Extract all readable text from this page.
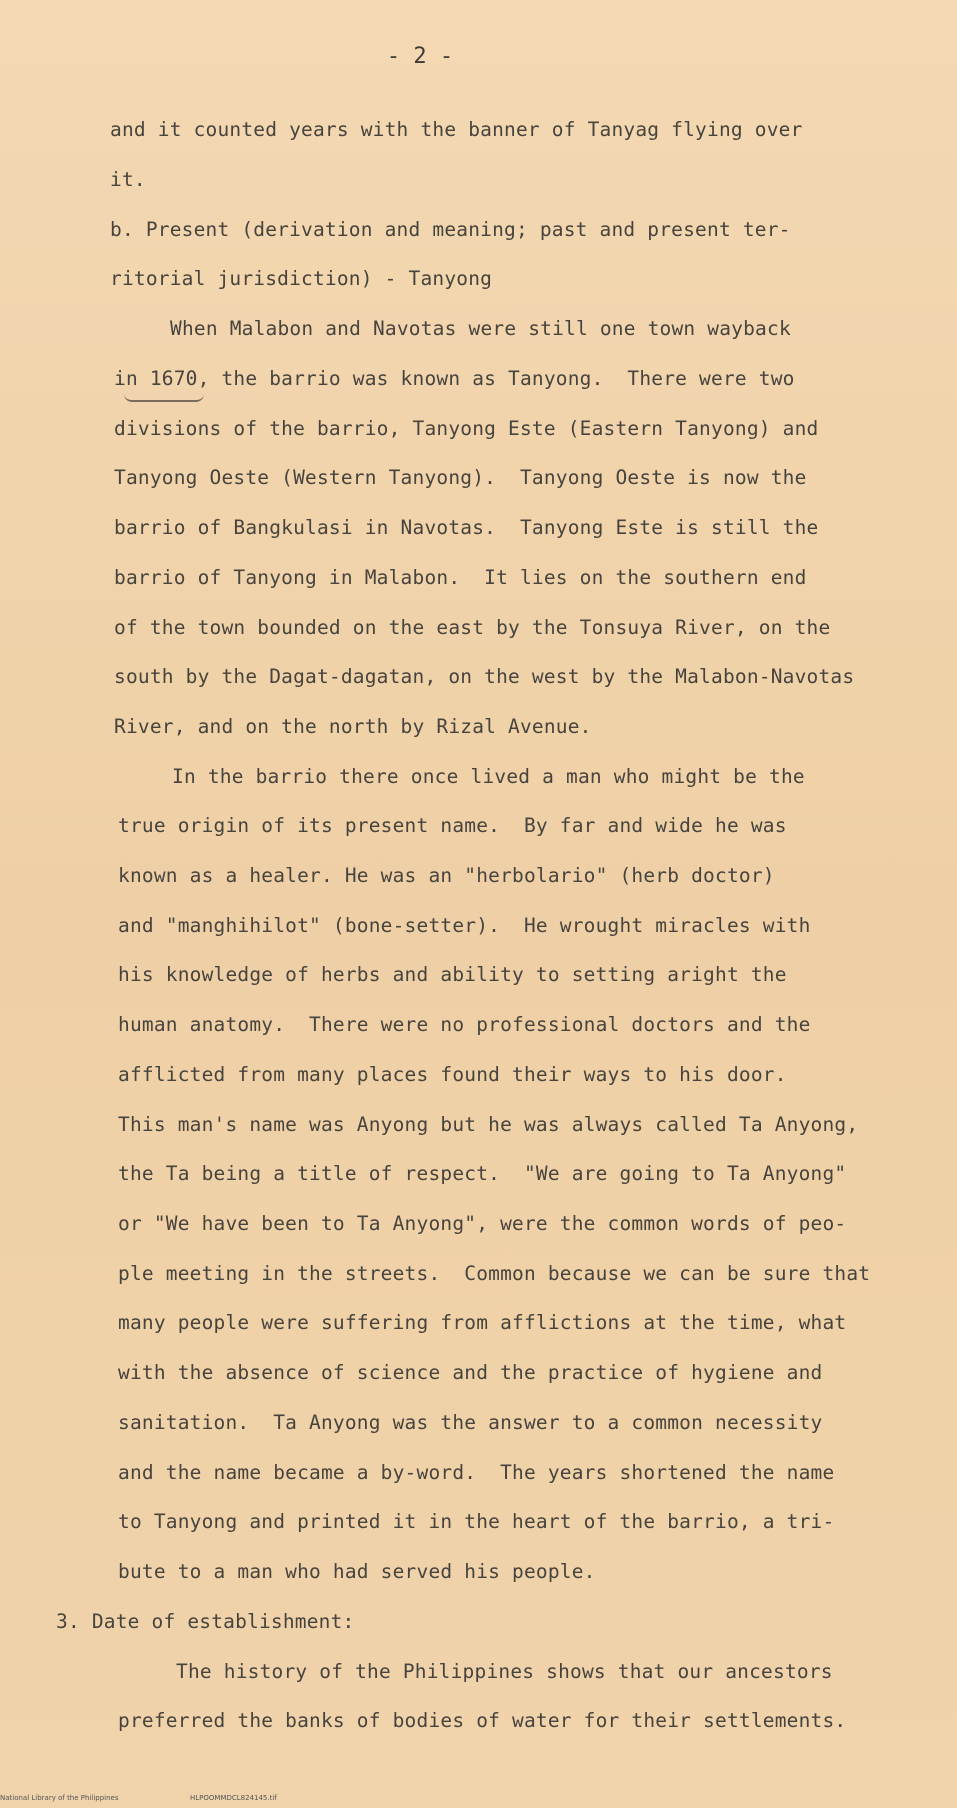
- 2 -
and it counted years with the banner of Tanyag flying over
it.
b. Present (derivation and meaning; past and present ter-
ritorial jurisdiction) - Tanyong
When Malabon and Navotas were still one town wayback
in 1670, the barrio was known as Tanyong.  There were two
divisions of the barrio, Tanyong Este (Eastern Tanyong) and
Tanyong Oeste (Western Tanyong).  Tanyong Oeste is now the
barrio of Bangkulasi in Navotas.  Tanyong Este is still the
barrio of Tanyong in Malabon.  It lies on the southern end
of the town bounded on the east by the Tonsuya River, on the
south by the Dagat-dagatan, on the west by the Malabon-Navotas
River, and on the north by Rizal Avenue.
In the barrio there once lived a man who might be the
true origin of its present name.  By far and wide he was
known as a healer. He was an "herbolario" (herb doctor)
and "manghihilot" (bone-setter).  He wrought miracles with
his knowledge of herbs and ability to setting aright the
human anatomy.  There were no professional doctors and the
afflicted from many places found their ways to his door.
This man's name was Anyong but he was always called Ta Anyong,
the Ta being a title of respect.  "We are going to Ta Anyong"
or "We have been to Ta Anyong", were the common words of peo-
ple meeting in the streets.  Common because we can be sure that
many people were suffering from afflictions at the time, what
with the absence of science and the practice of hygiene and
sanitation.  Ta Anyong was the answer to a common necessity
and the name became a by-word.  The years shortened the name
to Tanyong and printed it in the heart of the barrio, a tri-
bute to a man who had served his people.
3. Date of establishment:
The history of the Philippines shows that our ancestors
preferred the banks of bodies of water for their settlements.
National Library of the Philippines	HLPOOMMDCL824145.tif
